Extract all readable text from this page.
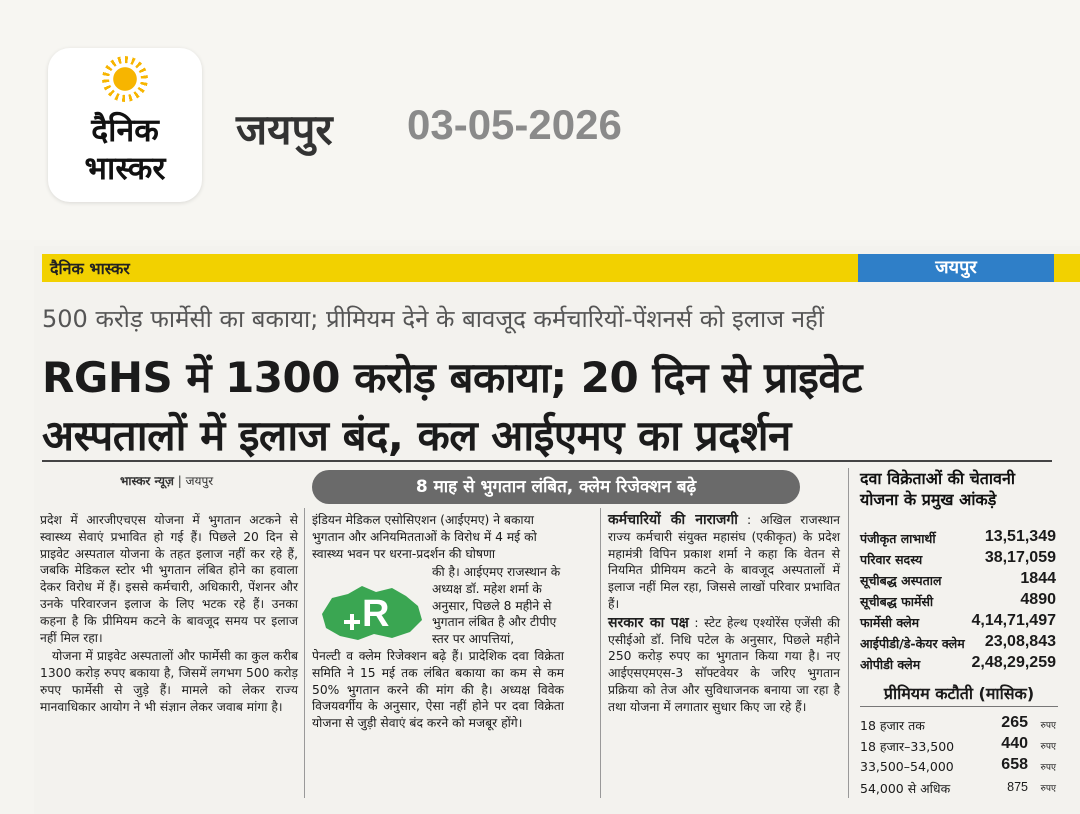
दैनिक
भास्कर
जयपुर 03-05-2026
दैनिक भास्कर	जयपुर
500 करोड़ फार्मेसी का बकाया; प्रीमियम देने के बावजूद कर्मचारियों-पेंशनर्स को इलाज नहीं
RGHS में 1300 करोड़ बकाया; 20 दिन से प्राइवेट
अस्पतालों में इलाज बंद, कल आईएमए का प्रदर्शन
भास्कर न्यूज़ | जयपुर	8 माह से भुगतान लंबित, क्लेम रिजेक्शन बढ़े

प्रदेश में आरजीएचएस योजना में भुगतान अटकने से स्वास्थ्य सेवाएं प्रभावित हो गई हैं। पिछले 20 दिन से प्राइवेट अस्पताल योजना के तहत इलाज नहीं कर रहे हैं, जबकि मेडिकल स्टोर भी भुगतान लंबित होने का हवाला देकर विरोध में हैं। इससे कर्मचारी, अधिकारी, पेंशनर और उनके परिवारजन इलाज के लिए भटक रहे हैं। उनका कहना है कि प्रीमियम कटने के बावजूद समय पर इलाज नहीं मिल रहा।

योजना में प्राइवेट अस्पतालों और फार्मेसी का कुल करीब 1300 करोड़ रुपए बकाया है, जिसमें लगभग 500 करोड़ रुपए फार्मेसी से जुड़े हैं। मामले को लेकर राज्य मानवाधिकार आयोग ने भी संज्ञान लेकर जवाब मांगा है।

इंडियन मेडिकल एसोसिएशन (आईएमए) ने बकाया भुगतान और अनियमितताओं के विरोध में 4 मई को स्वास्थ्य भवन पर धरना-प्रदर्शन की घोषणा
R
की है। आईएमए राजस्थान के अध्यक्ष डॉ. महेश शर्मा के अनुसार, पिछले 8 महीने से भुगतान लंबित है और टीपीए स्तर पर आपत्तियां,
पेनल्टी व क्लेम रिजेक्शन बढ़े हैं। प्रादेशिक दवा विक्रेता समिति ने 15 मई तक लंबित बकाया का कम से कम 50% भुगतान करने की मांग की है। अध्यक्ष विवेक विजयवर्गीय के अनुसार, ऐसा नहीं होने पर दवा विक्रेता योजना से जुड़ी सेवाएं बंद करने को मजबूर होंगे।

कर्मचारियों की नाराजगी : अखिल राजस्थान राज्य कर्मचारी संयुक्त महासंघ (एकीकृत) के प्रदेश महामंत्री विपिन प्रकाश शर्मा ने कहा कि वेतन से नियमित प्रीमियम कटने के बावजूद अस्पतालों में इलाज नहीं मिल रहा, जिससे लाखों परिवार प्रभावित हैं।

सरकार का पक्ष : स्टेट हेल्थ एश्योरेंस एजेंसी की एसीईओ डॉ. निधि पटेल के अनुसार, पिछले महीने 250 करोड़ रुपए का भुगतान किया गया है। नए आईएसएमएस-3 सॉफ्टवेयर के जरिए भुगतान प्रक्रिया को तेज और सुविधाजनक बनाया जा रहा है तथा योजना में लगातार सुधार किए जा रहे हैं।

दवा विक्रेताओं की चेतावनी
योजना के प्रमुख आंकड़े
पंजीकृत लाभार्थी	13,51,349
परिवार सदस्य	38,17,059
सूचीबद्ध अस्पताल	1844
सूचीबद्ध फार्मेसी	4890
फार्मेसी क्लेम	4,14,71,497
आईपीडी/डे-केयर क्लेम 23,08,843
ओपीडी क्लेम	2,48,29,259
प्रीमियम कटौती (मासिक)
18 हजार तक	265 रुपए
18 हजार–33,500	440 रुपए
33,500–54,000	658 रुपए
54,000 से अधिक	875 रुपए
